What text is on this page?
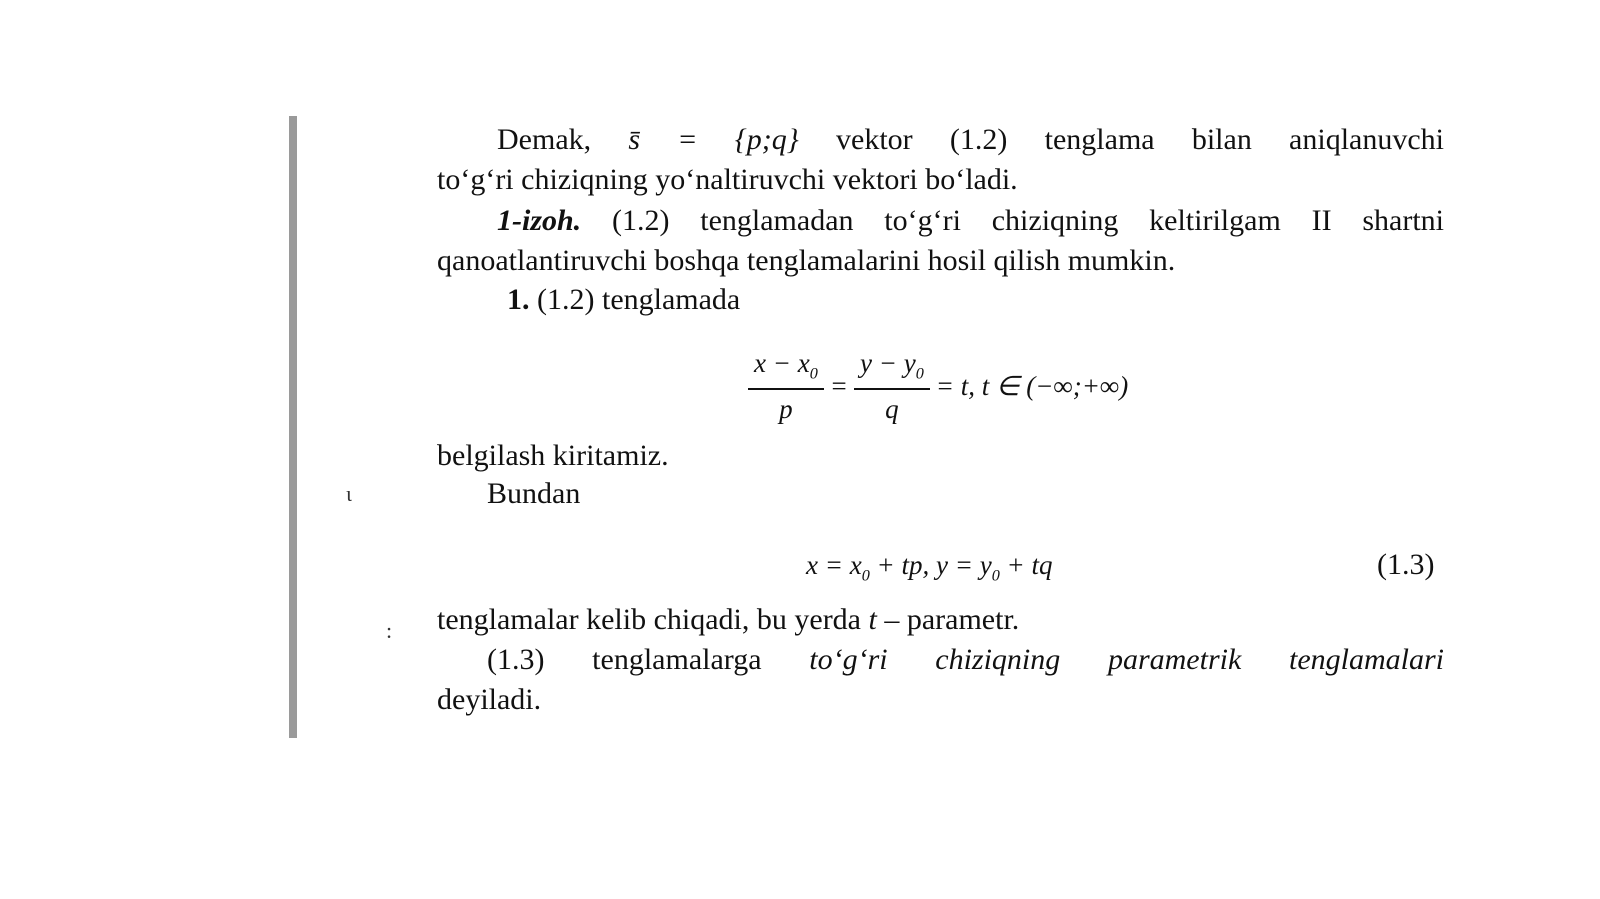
ɩ
:
Demak, s̄ = {p;q} vektor (1.2) tenglama bilan aniqlanuvchi
to‘g‘ri chiziqning yo‘naltiruvchi vektori bo‘ladi.
1-izoh. (1.2) tenglamadan to‘g‘ri chiziqning keltirilgam II shartni
qanoatlantiruvchi boshqa tenglamalarini hosil qilish mumkin.
1. (1.2) tenglamada
$\frac{x - x_0}{p} = \frac{y - y_0}{q} = t$, t ∈ (−∞;+∞)
belgilash kiritamiz.
Bundan
$x = x_0$ + tp, $y = y_0$ + tq	(1.3)
tenglamalar kelib chiqadi, bu yerda t – parametr.
(1.3) tenglamalarga to‘g‘ri chiziqning parametrik tenglamalari
deyiladi.
